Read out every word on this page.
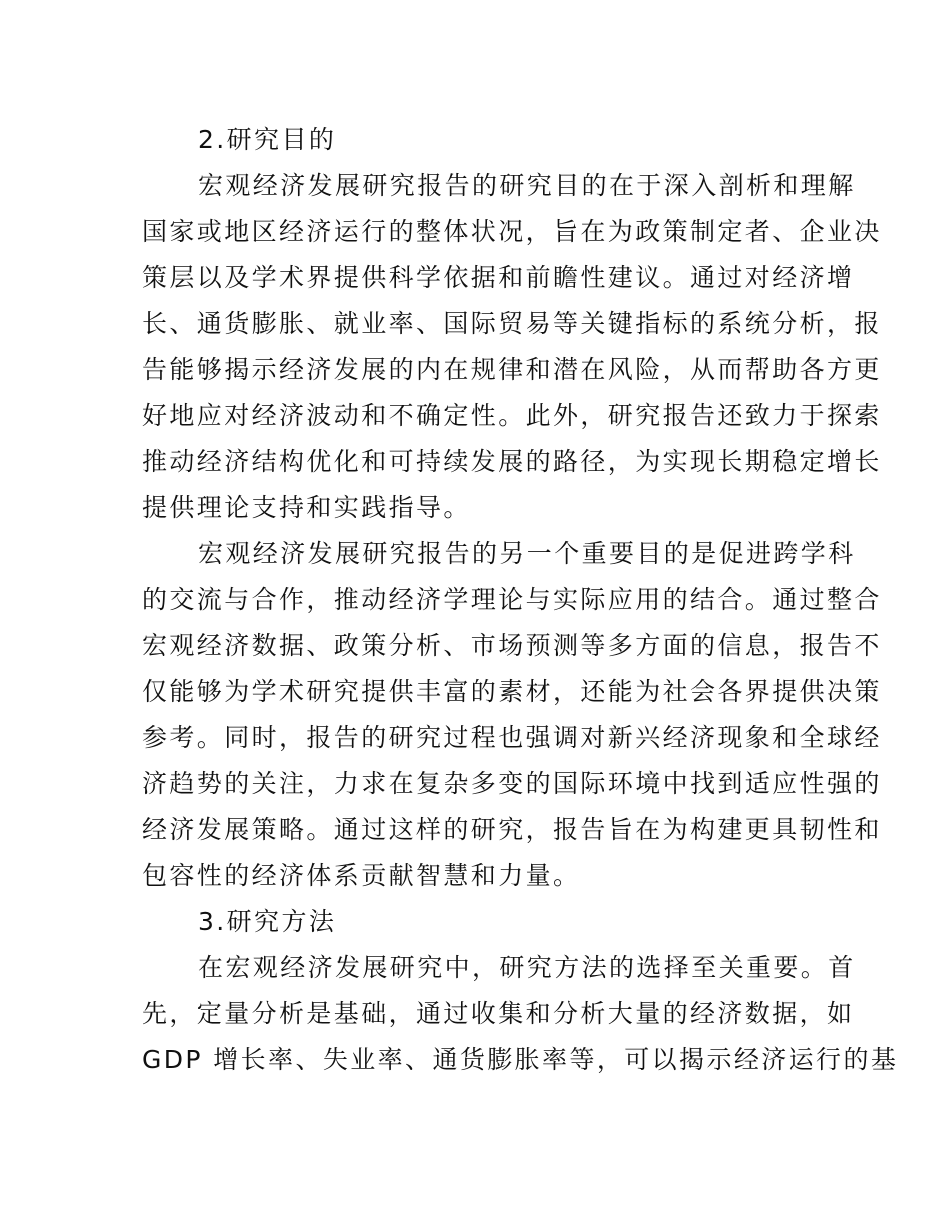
2.研究目的
宏观经济发展研究报告的研究目的在于深入剖析和理解
国家或地区经济运行的整体状况，旨在为政策制定者、企业决
策层以及学术界提供科学依据和前瞻性建议。通过对经济增
长、通货膨胀、就业率、国际贸易等关键指标的系统分析，报
告能够揭示经济发展的内在规律和潜在风险，从而帮助各方更
好地应对经济波动和不确定性。此外，研究报告还致力于探索
推动经济结构优化和可持续发展的路径，为实现长期稳定增长
提供理论支持和实践指导。
宏观经济发展研究报告的另一个重要目的是促进跨学科
的交流与合作，推动经济学理论与实际应用的结合。通过整合
宏观经济数据、政策分析、市场预测等多方面的信息，报告不
仅能够为学术研究提供丰富的素材，还能为社会各界提供决策
参考。同时，报告的研究过程也强调对新兴经济现象和全球经
济趋势的关注，力求在复杂多变的国际环境中找到适应性强的
经济发展策略。通过这样的研究，报告旨在为构建更具韧性和
包容性的经济体系贡献智慧和力量。
3.研究方法
在宏观经济发展研究中，研究方法的选择至关重要。首
先，定量分析是基础，通过收集和分析大量的经济数据，如
GDP 增长率、失业率、通货膨胀率等，可以揭示经济运行的基
